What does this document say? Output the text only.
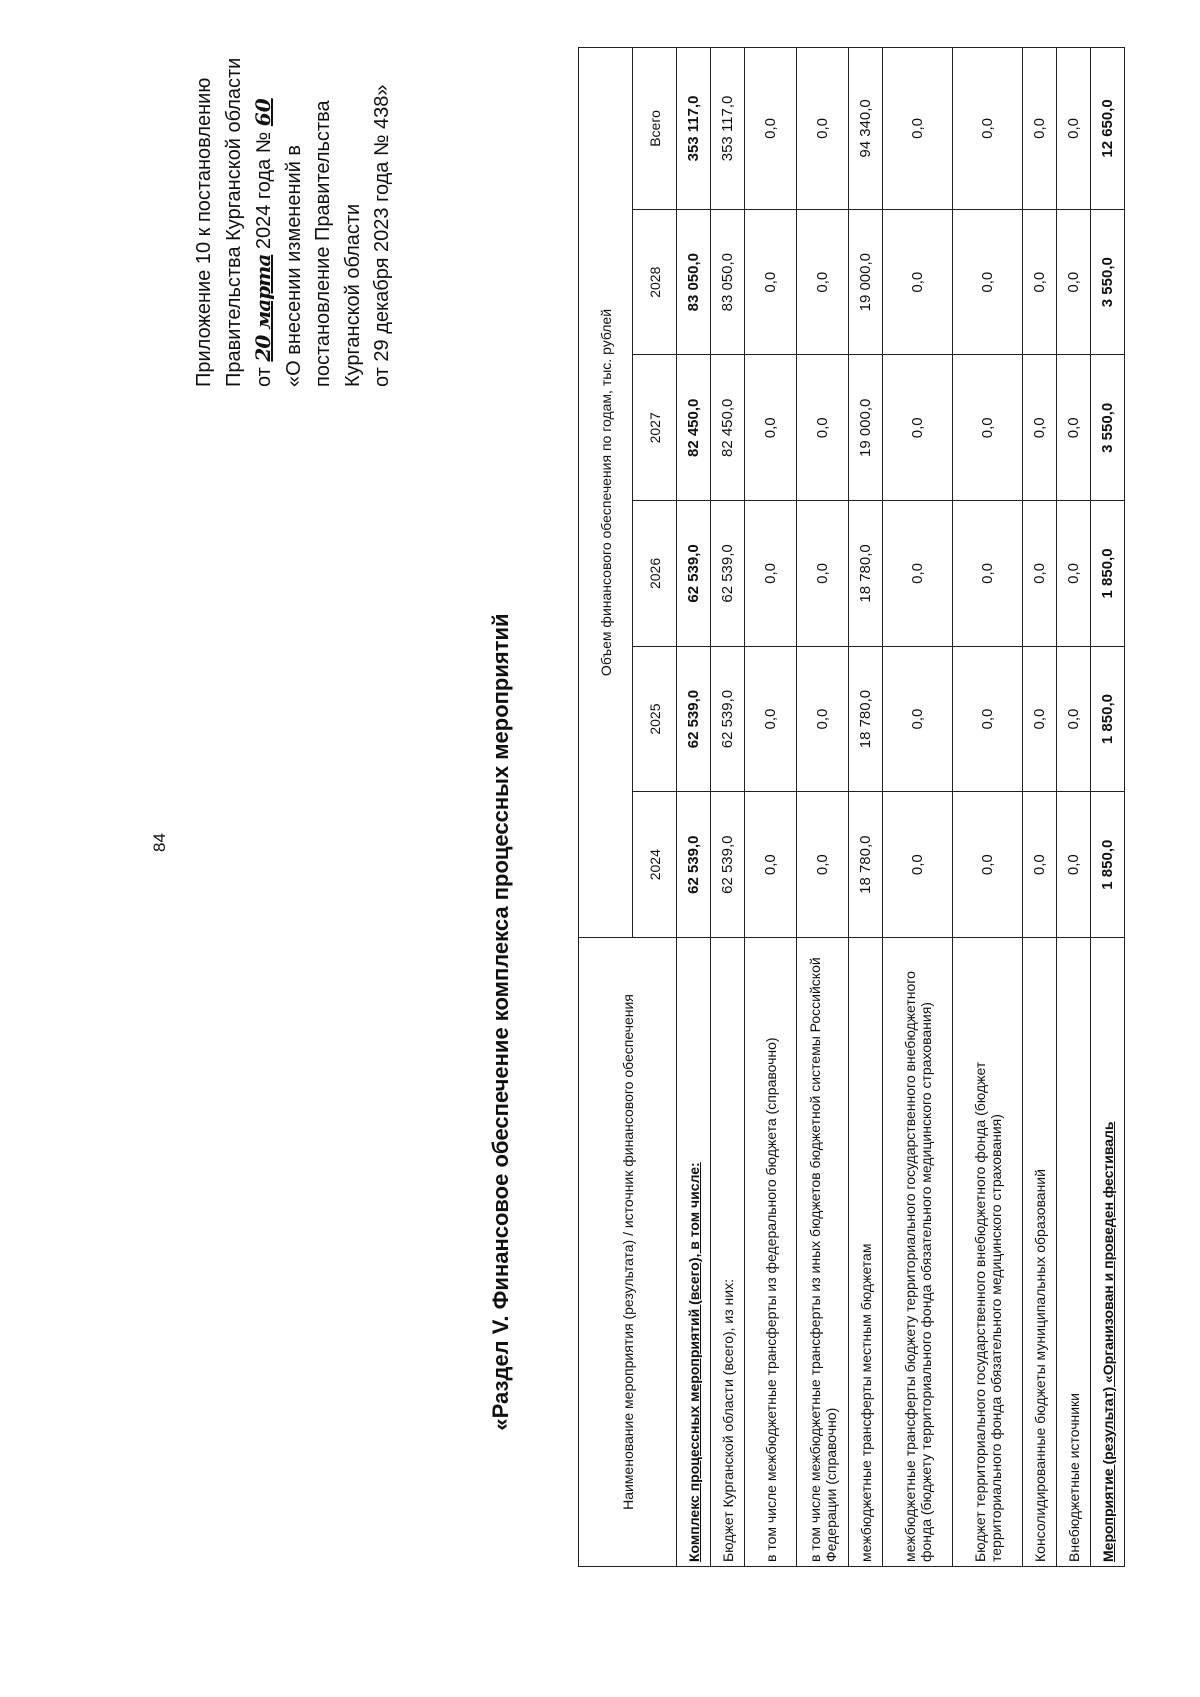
84
Приложение 10 к постановлению Правительства Курганской области от 20 марта 2024 года № 60
«О внесении изменений в постановление Правительства Курганской области от 29 декабря 2023 года № 438»
«Раздел V. Финансовое обеспечение комплекса процессных мероприятий	Наименование мероприятия (результата) / источник финансового обеспечения	Объем финансового обеспечения по годам, тыс. рублей					
	2024	2025	2026	2027	2028	Всего
Комплекс процессных мероприятий (всего), в том числе:	62 539,0	62 539,0	62 539,0	82 450,0	83 050,0	353 117,0
Бюджет Курганской области (всего), из них:	62 539,0	62 539,0	62 539,0	82 450,0	83 050,0	353 117,0
в том числе межбюджетные трансферты из федерального бюджета (справочно)	0,0	0,0	0,0	0,0	0,0	0,0
в том числе межбюджетные трансферты из иных бюджетов бюджетной системы Российской Федерации (справочно)	0,0	0,0	0,0	0,0	0,0	0,0
межбюджетные трансферты местным бюджетам	18 780,0	18 780,0	18 780,0	19 000,0	19 000,0	94 340,0
межбюджетные трансферты бюджету территориального государственного внебюджетного фонда (бюджету территориального фонда обязательного медицинского страхования)	0,0	0,0	0,0	0,0	0,0	0,0
Бюджет территориального государственного внебюджетного фонда (бюджет территориального фонда обязательного медицинского страхования)	0,0	0,0	0,0	0,0	0,0	0,0
Консолидированные бюджеты муниципальных образований	0,0	0,0	0,0	0,0	0,0	0,0
Внебюджетные источники	0,0	0,0	0,0	0,0	0,0	0,0
Мероприятие (результат) «Организован и проведен фестиваль	1 850,0	1 850,0	1 850,0	3 550,0	3 550,0	12 650,0
